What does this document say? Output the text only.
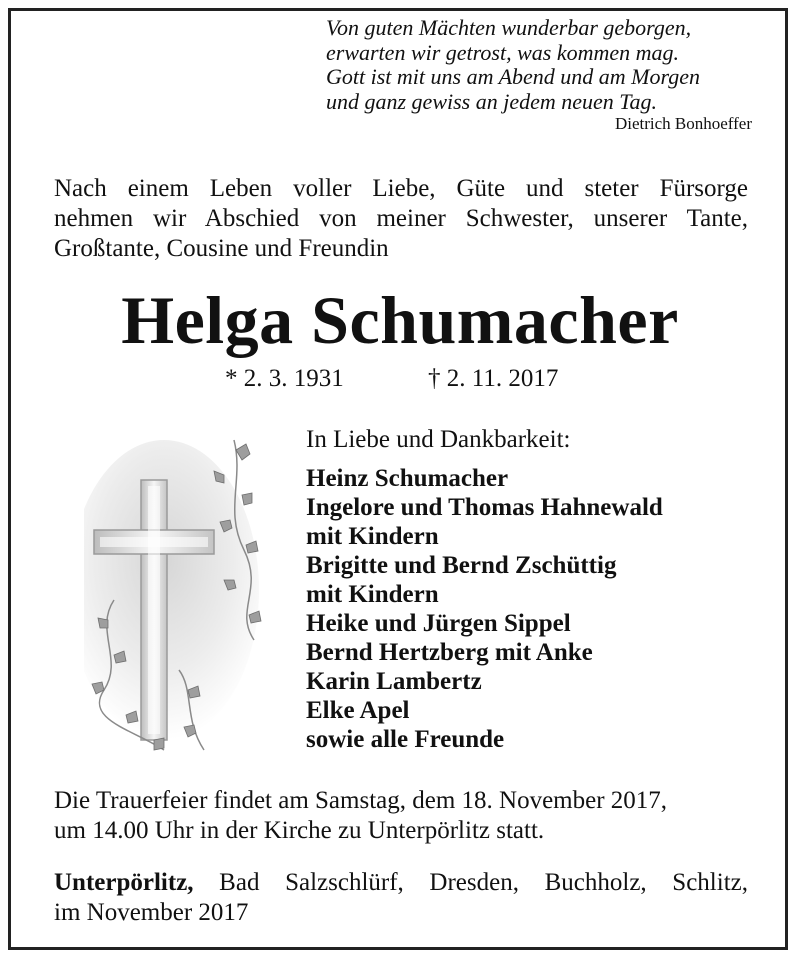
Von guten Mächten wunderbar geborgen,
erwarten wir getrost, was kommen mag.
Gott ist mit uns am Abend und am Morgen
und ganz gewiss an jedem neuen Tag.
Dietrich Bonhoeffer
Nach einem Leben voller Liebe, Güte und steter Fürsorge
nehmen wir Abschied von meiner Schwester, unserer Tante,
Großtante, Cousine und Freundin
Helga Schumacher
* 2. 3. 1931	† 2. 11. 2017
In Liebe und Dankbarkeit:
Heinz Schumacher
Ingelore und Thomas Hahnewald
mit Kindern
Brigitte und Bernd Zschüttig
mit Kindern
Heike und Jürgen Sippel
Bernd Hertzberg mit Anke
Karin Lambertz
Elke Apel
sowie alle Freunde
Die Trauerfeier findet am Samstag, dem 18. November 2017,
um 14.00 Uhr in der Kirche zu Unterpörlitz statt.
Unterpörlitz, Bad Salzschlürf, Dresden, Buchholz, Schlitz,
im November 2017
